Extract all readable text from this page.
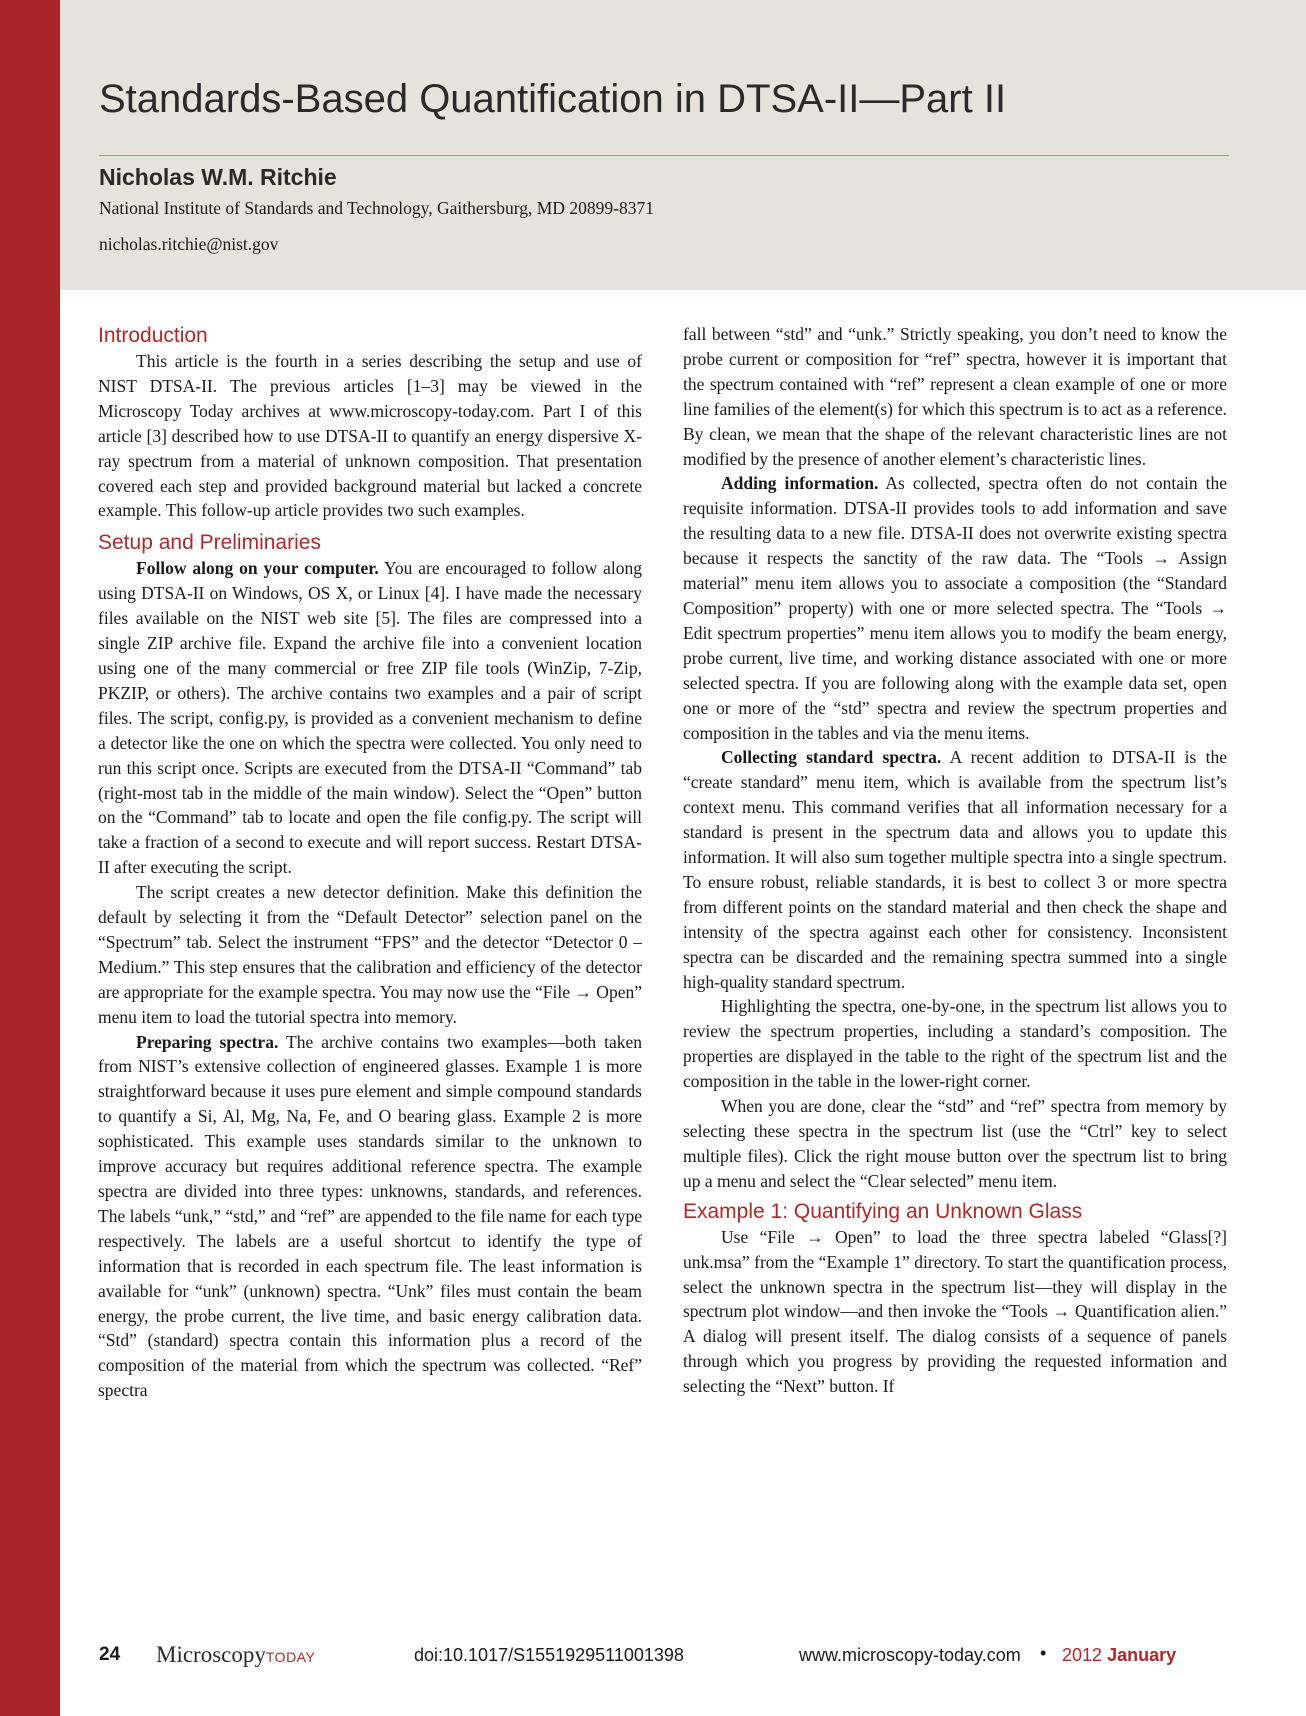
Standards-Based Quantification in DTSA-II—Part II
Nicholas W.M. Ritchie
National Institute of Standards and Technology, Gaithersburg, MD 20899-8371
nicholas.ritchie@nist.gov
Introduction

This article is the fourth in a series describing the setup and use of NIST DTSA-II. The previous articles [1–3] may be viewed in the Microscopy Today archives at www.microscopy-today.com. Part I of this article [3] described how to use DTSA-II to quantify an energy dispersive X-ray spectrum from a material of unknown composition. That presentation covered each step and provided background material but lacked a concrete example. This follow-up article provides two such examples.

Setup and Preliminaries

Follow along on your computer. You are encouraged to follow along using DTSA-II on Windows, OS X, or Linux [4]. I have made the necessary files available on the NIST web site [5]. The files are compressed into a single ZIP archive file. Expand the archive file into a convenient location using one of the many commercial or free ZIP file tools (WinZip, 7-Zip, PKZIP, or others). The archive contains two examples and a pair of script files. The script, config.py, is provided as a convenient mechanism to define a detector like the one on which the spectra were collected. You only need to run this script once. Scripts are executed from the DTSA-II “Command” tab (right-most tab in the middle of the main window). Select the “Open” button on the “Command” tab to locate and open the file config.py. The script will take a fraction of a second to execute and will report success. Restart DTSA-II after executing the script.

The script creates a new detector definition. Make this definition the default by selecting it from the “Default Detector” selection panel on the “Spectrum” tab. Select the instrument “FPS” and the detector “Detector 0 – Medium.” This step ensures that the calibration and efficiency of the detector are appropriate for the example spectra. You may now use the “File → Open” menu item to load the tutorial spectra into memory.

Preparing spectra. The archive contains two examples—both taken from NIST’s extensive collection of engineered glasses. Example 1 is more straightforward because it uses pure element and simple compound standards to quantify a Si, Al, Mg, Na, Fe, and O bearing glass. Example 2 is more sophisticated. This example uses standards similar to the unknown to improve accuracy but requires additional reference spectra. The example spectra are divided into three types: unknowns, standards, and references. The labels “unk,” “std,” and “ref” are appended to the file name for each type respectively. The labels are a useful shortcut to identify the type of information that is recorded in each spectrum file. The least information is available for “unk” (unknown) spectra. “Unk” files must contain the beam energy, the probe current, the live time, and basic energy calibration data. “Std” (standard) spectra contain this information plus a record of the composition of the material from which the spectrum was collected. “Ref” spectra

fall between “std” and “unk.” Strictly speaking, you don’t need to know the probe current or composition for “ref” spectra, however it is important that the spectrum contained with “ref” represent a clean example of one or more line families of the element(s) for which this spectrum is to act as a reference. By clean, we mean that the shape of the relevant characteristic lines are not modified by the presence of another element’s characteristic lines.

Adding information. As collected, spectra often do not contain the requisite information. DTSA-II provides tools to add information and save the resulting data to a new file. DTSA-II does not overwrite existing spectra because it respects the sanctity of the raw data. The “Tools → Assign material” menu item allows you to associate a composition (the “Standard Composition” property) with one or more selected spectra. The “Tools → Edit spectrum properties” menu item allows you to modify the beam energy, probe current, live time, and working distance associated with one or more selected spectra. If you are following along with the example data set, open one or more of the “std” spectra and review the spectrum properties and composition in the tables and via the menu items.

Collecting standard spectra. A recent addition to DTSA-II is the “create standard” menu item, which is available from the spectrum list’s context menu. This command verifies that all information necessary for a standard is present in the spectrum data and allows you to update this information. It will also sum together multiple spectra into a single spectrum. To ensure robust, reliable standards, it is best to collect 3 or more spectra from different points on the standard material and then check the shape and intensity of the spectra against each other for consistency. Inconsistent spectra can be discarded and the remaining spectra summed into a single high-quality standard spectrum.

Highlighting the spectra, one-by-one, in the spectrum list allows you to review the spectrum properties, including a standard’s composition. The properties are displayed in the table to the right of the spectrum list and the composition in the table in the lower-right corner.

When you are done, clear the “std” and “ref” spectra from memory by selecting these spectra in the spectrum list (use the “Ctrl” key to select multiple files). Click the right mouse button over the spectrum list to bring up a menu and select the “Clear selected” menu item.

Example 1: Quantifying an Unknown Glass

Use “File → Open” to load the three spectra labeled “Glass[?] unk.msa” from the “Example 1” directory. To start the quantification process, select the unknown spectra in the spectrum list—they will display in the spectrum plot window—and then invoke the “Tools → Quantification alien.” A dialog will present itself. The dialog consists of a sequence of panels through which you progress by providing the requested information and selecting the “Next” button. If

24 MicroscopyTODAY	doi:10.1017/S1551929511001398	www.microscopy-today.com • 2012 January
